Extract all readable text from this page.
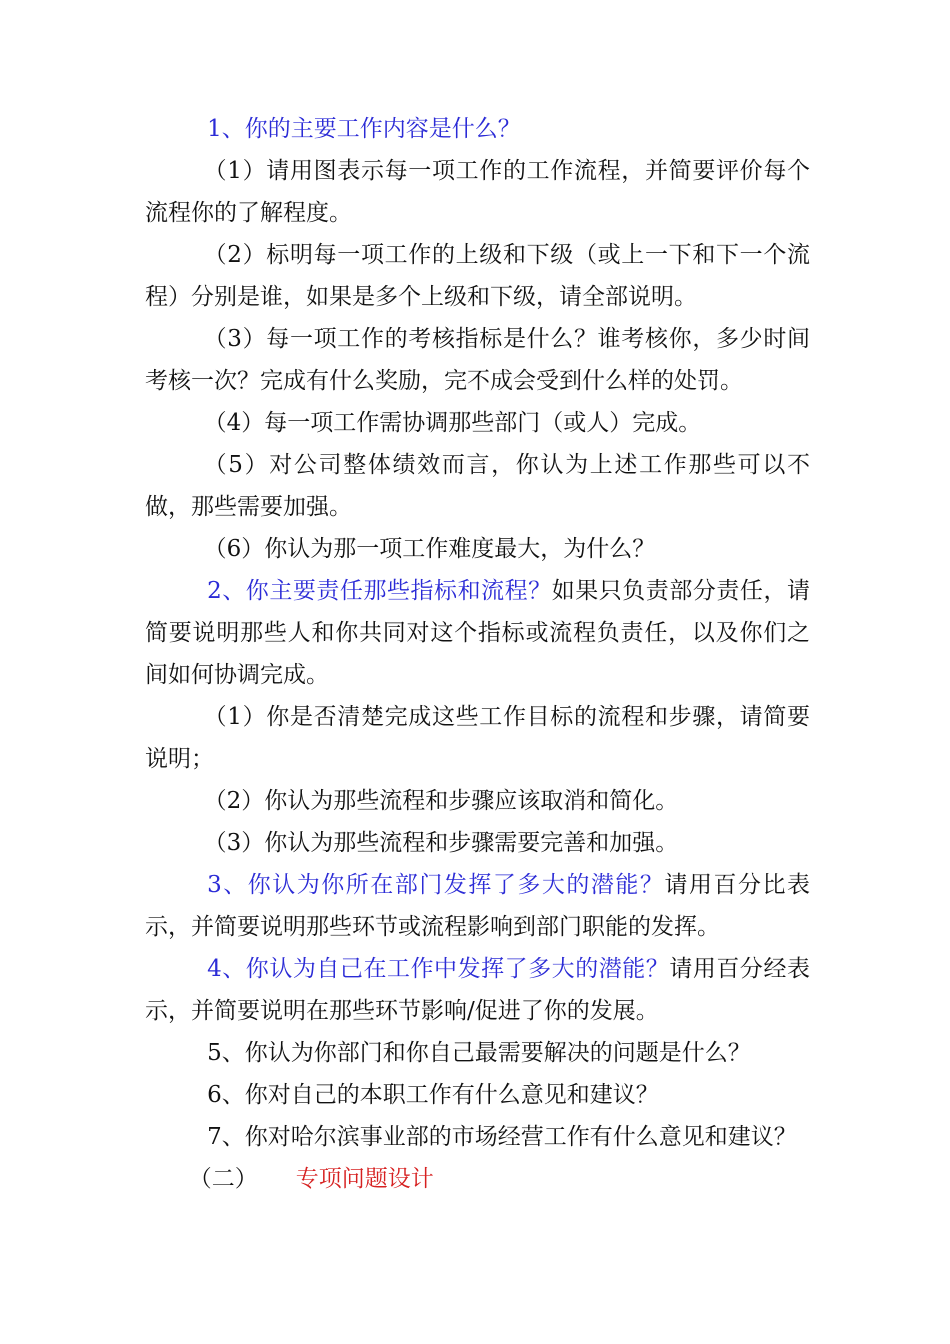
1、你的主要工作内容是什么？

（1）请用图表示每一项工作的工作流程，并简要评价每个流程你的了解程度。

（2）标明每一项工作的上级和下级（或上一下和下一个流程）分别是谁，如果是多个上级和下级，请全部说明。

（3）每一项工作的考核指标是什么？谁考核你，多少时间考核一次？完成有什么奖励，完不成会受到什么样的处罚。

（4）每一项工作需协调那些部门（或人）完成。

（5）对公司整体绩效而言，你认为上述工作那些可以不做，那些需要加强。

（6）你认为那一项工作难度最大，为什么？

2、你主要责任那些指标和流程？如果只负责部分责任，请简要说明那些人和你共同对这个指标或流程负责任，以及你们之间如何协调完成。

（1）你是否清楚完成这些工作目标的流程和步骤，请简要说明；

（2）你认为那些流程和步骤应该取消和简化。

（3）你认为那些流程和步骤需要完善和加强。

3、你认为你所在部门发挥了多大的潜能？请用百分比表示，并简要说明那些环节或流程影响到部门职能的发挥。

4、你认为自己在工作中发挥了多大的潜能？请用百分经表示，并简要说明在那些环节影响/促进了你的发展。

5、你认为你部门和你自己最需要解决的问题是什么？

6、你对自己的本职工作有什么意见和建议？

7、你对哈尔滨事业部的市场经营工作有什么意见和建议？

（二） 专项问题设计
